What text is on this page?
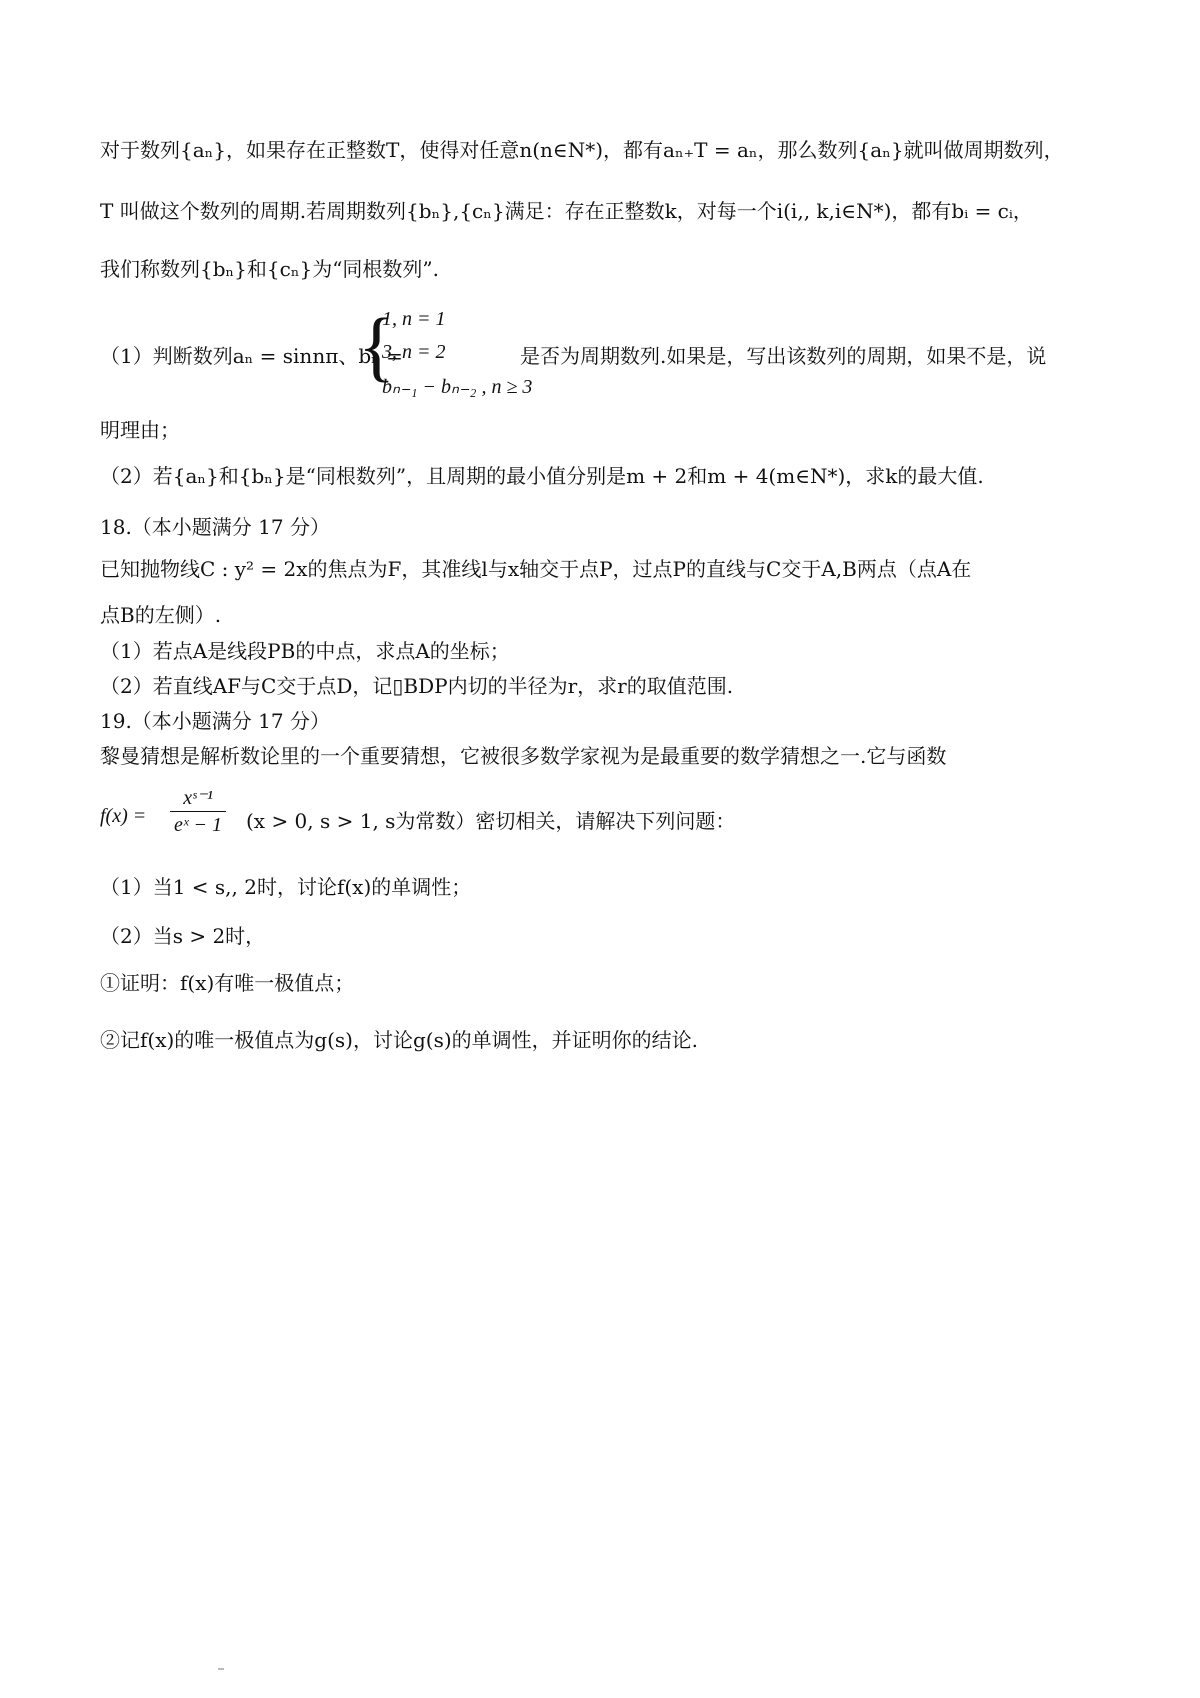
对于数列{aₙ}，如果存在正整数T，使得对任意n(n∈N*)，都有aₙ₊T = aₙ，那么数列{aₙ}就叫做周期数列，
T 叫做这个数列的周期.若周期数列{bₙ},{cₙ}满足：存在正整数k，对每一个i(i,, k,i∈N*)，都有bᵢ = cᵢ，
我们称数列{bₙ}和{cₙ}为“同根数列”.
（1）判断数列aₙ = sinnπ、bₙ =
{
1, n = 1
3, n = 2
bₙ₋₁ − bₙ₋₂ , n ≥ 3
是否为周期数列.如果是，写出该数列的周期，如果不是，说
明理由；
（2）若{aₙ}和{bₙ}是“同根数列”，且周期的最小值分别是m + 2和m + 4(m∈N*)，求k的最大值.
18.（本小题满分 17 分）
已知抛物线C : y² = 2x的焦点为F，其准线l与x轴交于点P，过点P的直线与C交于A,B两点（点A在
点B的左侧）.
（1）若点A是线段PB的中点，求点A的坐标；
（2）若直线AF与C交于点D，记▯BDP内切的半径为r，求r的取值范围.
19.（本小题满分 17 分）
黎曼猜想是解析数论里的一个重要猜想，它被很多数学家视为是最重要的数学猜想之一.它与函数
$f(x) = \frac{\text{xˢ⁻¹}}{\text{eˣ − 1}} (x > 0$, s > 1, s为常数）密切相关，请解决下列问题：
（1）当1 < s,, 2时，讨论f(x)的单调性；
（2）当s > 2时，
①证明：f(x)有唯一极值点；
②记f(x)的唯一极值点为g(s)，讨论g(s)的单调性，并证明你的结论.
